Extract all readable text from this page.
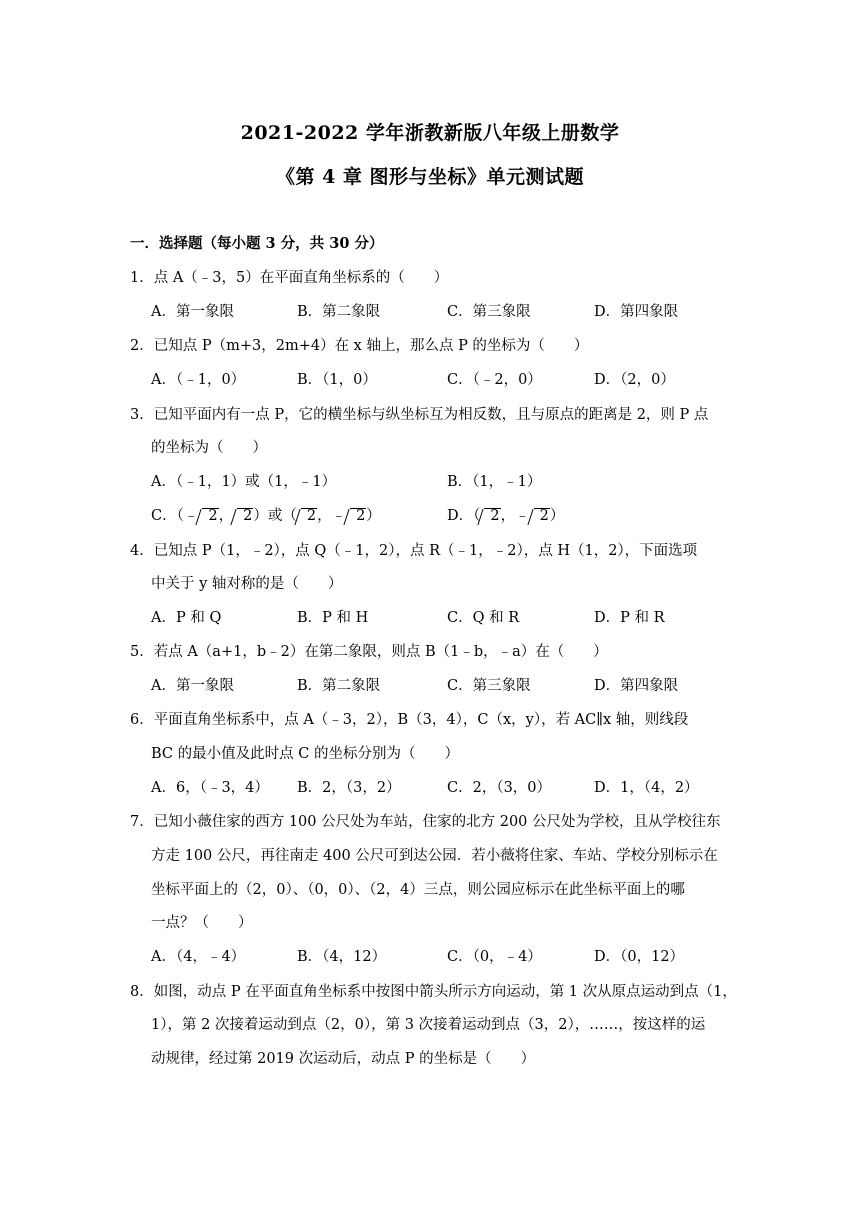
2021-2022 学年浙教新版八年级上册数学
《第 4 章 图形与坐标》单元测试题
一．选择题（每小题 3 分，共 30 分）
1．点 A（﹣3，5）在平面直角坐标系的（　　）
A．第一象限	B．第二象限	C．第三象限	D．第四象限
2．已知点 P（m+3，2m+4）在 x 轴上，那么点 P 的坐标为（　　）
A．（﹣1，0）	B．（1，0）	C．（﹣2，0）	D．（2，0）
3．已知平面内有一点 P，它的横坐标与纵坐标互为相反数，且与原点的距离是 2，则 P 点
的坐标为（　　）
A．（﹣1，1）或（1，﹣1）	B．（1，﹣1）
C．（﹣ 2， 2）或（ 2，﹣ 2）	D．（ 2，﹣ 2）
4．已知点 P（1，﹣2），点 Q（﹣1，2），点 R（﹣1，﹣2），点 H（1，2），下面选项
中关于 y 轴对称的是（　　）
A．P 和 Q	B．P 和 H	C．Q 和 R	D．P 和 R
5．若点 A（a+1，b﹣2）在第二象限，则点 B（1﹣b，﹣a）在（　　）
A．第一象限	B．第二象限	C．第三象限	D．第四象限
6．平面直角坐标系中，点 A（﹣3，2），B（3，4），C（x，y），若 AC∥x 轴，则线段
BC 的最小值及此时点 C 的坐标分别为（　　）
A．6，（﹣3，4） B．2，（3，2）	C．2，（3，0）	D．1，（4，2）
7．已知小薇住家的西方 100 公尺处为车站，住家的北方 200 公尺处为学校，且从学校往东
方走 100 公尺，再往南走 400 公尺可到达公园．若小薇将住家、车站、学校分别标示在
坐标平面上的（2，0）、（0，0）、（2，4）三点，则公园应标示在此坐标平面上的哪
一点？（　　）
A．（4，﹣4）	B．（4，12）	C．（0，﹣4）	D．（0，12）
8．如图，动点 P 在平面直角坐标系中按图中箭头所示方向运动，第 1 次从原点运动到点（1，
1），第 2 次接着运动到点（2，0），第 3 次接着运动到点（3，2），……，按这样的运
动规律，经过第 2019 次运动后，动点 P 的坐标是（　　）
